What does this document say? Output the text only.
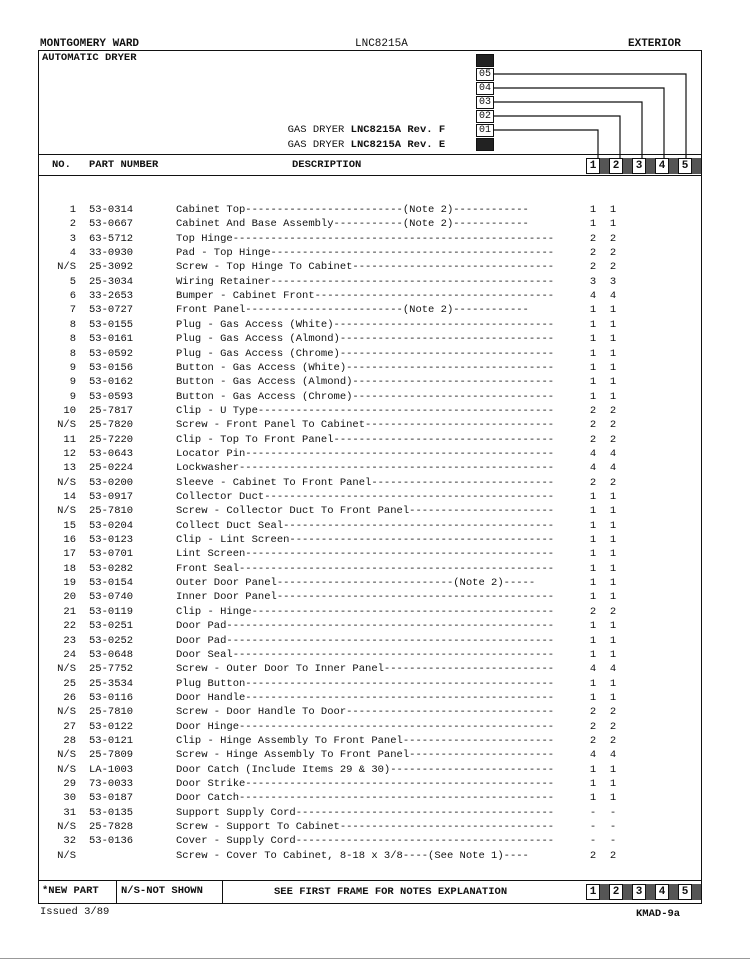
MONTGOMERY WARD	LNC8215A	EXTERIOR
AUTOMATIC DRYER

GAS DRYER LNC8215A Rev. F

GAS DRYER LNC8215A Rev. E

05
04
03
02
01
NO. PART NUMBER	DESCRIPTION	1	2	3	4	5
1 53-0314	Cabinet Top-------------------------(Note 2)------------	1 1
2 53-0667	Cabinet And Base Assembly-----------(Note 2)------------	1 1
3 63-5712	Top Hinge---------------------------------------------------	2 2
4 33-0930	Pad - Top Hinge---------------------------------------------	2 2
N/S 25-3092	Screw - Top Hinge To Cabinet--------------------------------	2 2
5 25-3034	Wiring Retainer---------------------------------------------	3 3
6 33-2653	Bumper - Cabinet Front--------------------------------------	4 4
7 53-0727	Front Panel-------------------------(Note 2)------------	1 1
8 53-0155	Plug - Gas Access (White)-----------------------------------	1 1
8 53-0161	Plug - Gas Access (Almond)----------------------------------	1 1
8 53-0592	Plug - Gas Access (Chrome)----------------------------------	1 1
9 53-0156	Button - Gas Access (White)---------------------------------	1 1
9 53-0162	Button - Gas Access (Almond)--------------------------------	1 1
9 53-0593	Button - Gas Access (Chrome)--------------------------------	1 1
10 25-7817	Clip - U Type-----------------------------------------------	2 2
N/S 25-7820	Screw - Front Panel To Cabinet------------------------------	2 2
11 25-7220	Clip - Top To Front Panel-----------------------------------	2 2
12 53-0643	Locator Pin-------------------------------------------------	4 4
13 25-0224	Lockwasher--------------------------------------------------	4 4
N/S 53-0200	Sleeve - Cabinet To Front Panel-----------------------------	2 2
14 53-0917	Collector Duct----------------------------------------------	1 1
N/S 25-7810	Screw - Collector Duct To Front Panel-----------------------	1 1
15 53-0204	Collect Duct Seal-------------------------------------------	1 1
16 53-0123	Clip - Lint Screen------------------------------------------	1 1
17 53-0701	Lint Screen-------------------------------------------------	1 1
18 53-0282	Front Seal--------------------------------------------------	1 1
19 53-0154	Outer Door Panel----------------------------(Note 2)-----	1 1
20 53-0740	Inner Door Panel--------------------------------------------	1 1
21 53-0119	Clip - Hinge------------------------------------------------	2 2
22 53-0251	Door Pad----------------------------------------------------	1 1
23 53-0252	Door Pad----------------------------------------------------	1 1
24 53-0648	Door Seal---------------------------------------------------	1 1
N/S 25-7752	Screw - Outer Door To Inner Panel---------------------------	4 4
25 25-3534	Plug Button-------------------------------------------------	1 1
26 53-0116	Door Handle-------------------------------------------------	1 1
N/S 25-7810	Screw - Door Handle To Door---------------------------------	2 2
27 53-0122	Door Hinge--------------------------------------------------	2 2
28 53-0121	Clip - Hinge Assembly To Front Panel------------------------	2 2
N/S 25-7809	Screw - Hinge Assembly To Front Panel-----------------------	4 4
N/S LA-1003	Door Catch (Include Items 29 & 30)--------------------------	1 1
29 73-0033	Door Strike-------------------------------------------------	1 1
30 53-0187	Door Catch--------------------------------------------------	1 1
31 53-0135	Support Supply Cord-----------------------------------------	- -
N/S 25-7828	Screw - Support To Cabinet----------------------------------	- -
32 53-0136	Cover - Supply Cord-----------------------------------------	- -
N/S	Screw - Cover To Cabinet, 8-18 x 3/8----(See Note 1)----	2 2
*NEW PART N/S-NOT SHOWN	SEE FIRST FRAME FOR NOTES EXPLANATION	1	2	3	4	5
Issued 3/89	KMAD-9a
